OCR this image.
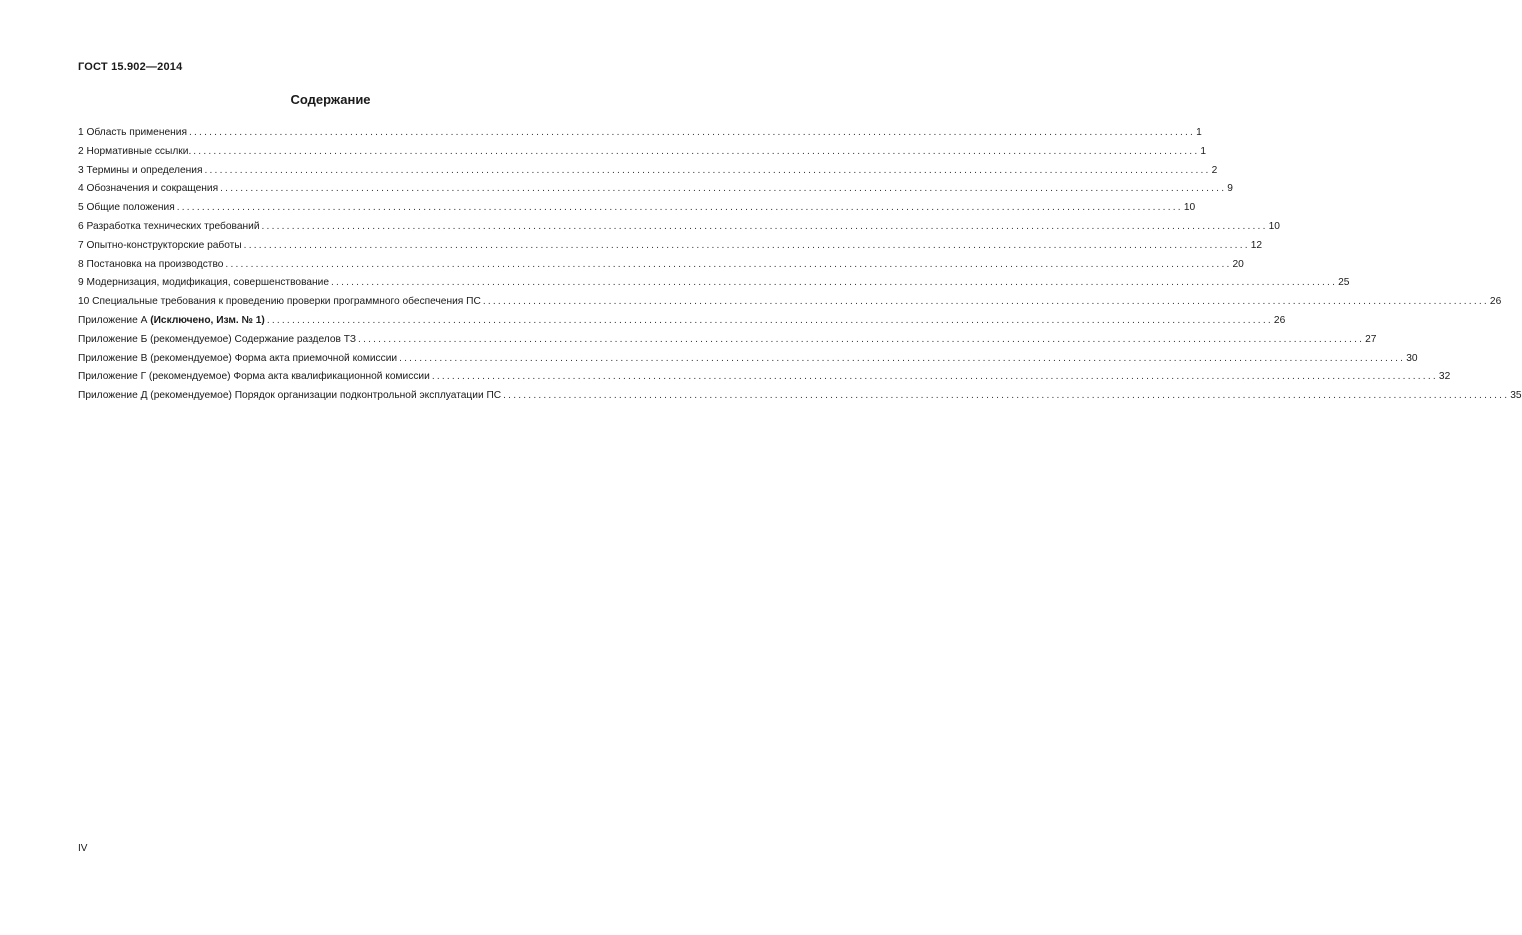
ГОСТ 15.902—2014
Содержание
1 Область применения ........................................................................................................................................................................................................ 1
2 Нормативные ссылки. ........................................................................................................................................................................................................ 1
3 Термины и определения ........................................................................................................................................................................................................ 2
4 Обозначения и сокращения ........................................................................................................................................................................................................ 9
5 Общие положения ........................................................................................................................................................................................................ 10
6 Разработка технических требований ........................................................................................................................................................................................................ 10
7 Опытно-конструкторские работы ........................................................................................................................................................................................................ 12
8 Постановка на производство ........................................................................................................................................................................................................ 20
9 Модернизация, модификация, совершенствование ........................................................................................................................................................................................................ 25
10 Специальные требования к проведению проверки программного обеспечения ПС ........................................................................................................................................................................................................ 26
Приложение А (Исключено, Изм. № 1) ........................................................................................................................................................................................................ 26
Приложение Б (рекомендуемое) Содержание разделов ТЗ ........................................................................................................................................................................................................ 27
Приложение В (рекомендуемое) Форма акта приемочной комиссии ........................................................................................................................................................................................................ 30
Приложение Г (рекомендуемое) Форма акта квалификационной комиссии ........................................................................................................................................................................................................ 32
Приложение Д (рекомендуемое) Порядок организации подконтрольной эксплуатации ПС ........................................................................................................................................................................................................ 35
IV
